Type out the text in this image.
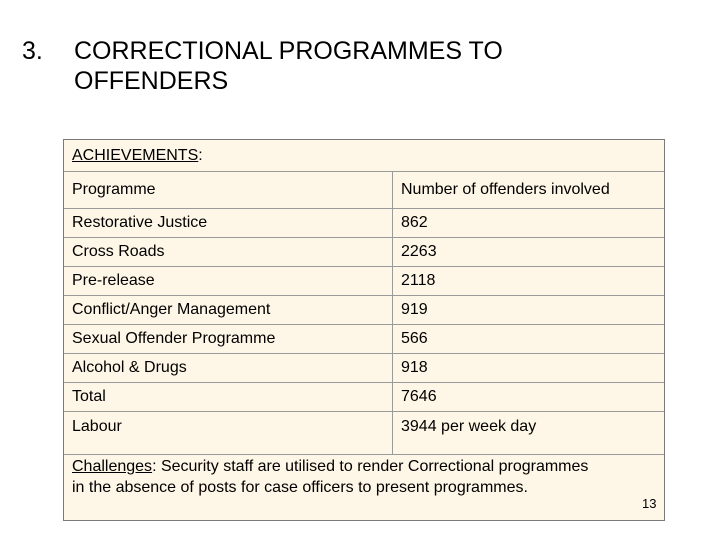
3. CORRECTIONAL PROGRAMMES TO
OFFENDERS
ACHIEVEMENTS:
Programme	Number of offenders involved
Restorative Justice	862
Cross Roads	2263
Pre-release	2118
Conflict/Anger Management	919
Sexual Offender Programme	566
Alcohol & Drugs	918
Total	7646
Labour	3944 per week day
Challenges: Security staff are utilised to render Correctional programmes in the absence of posts for case officers to present programmes.
13
